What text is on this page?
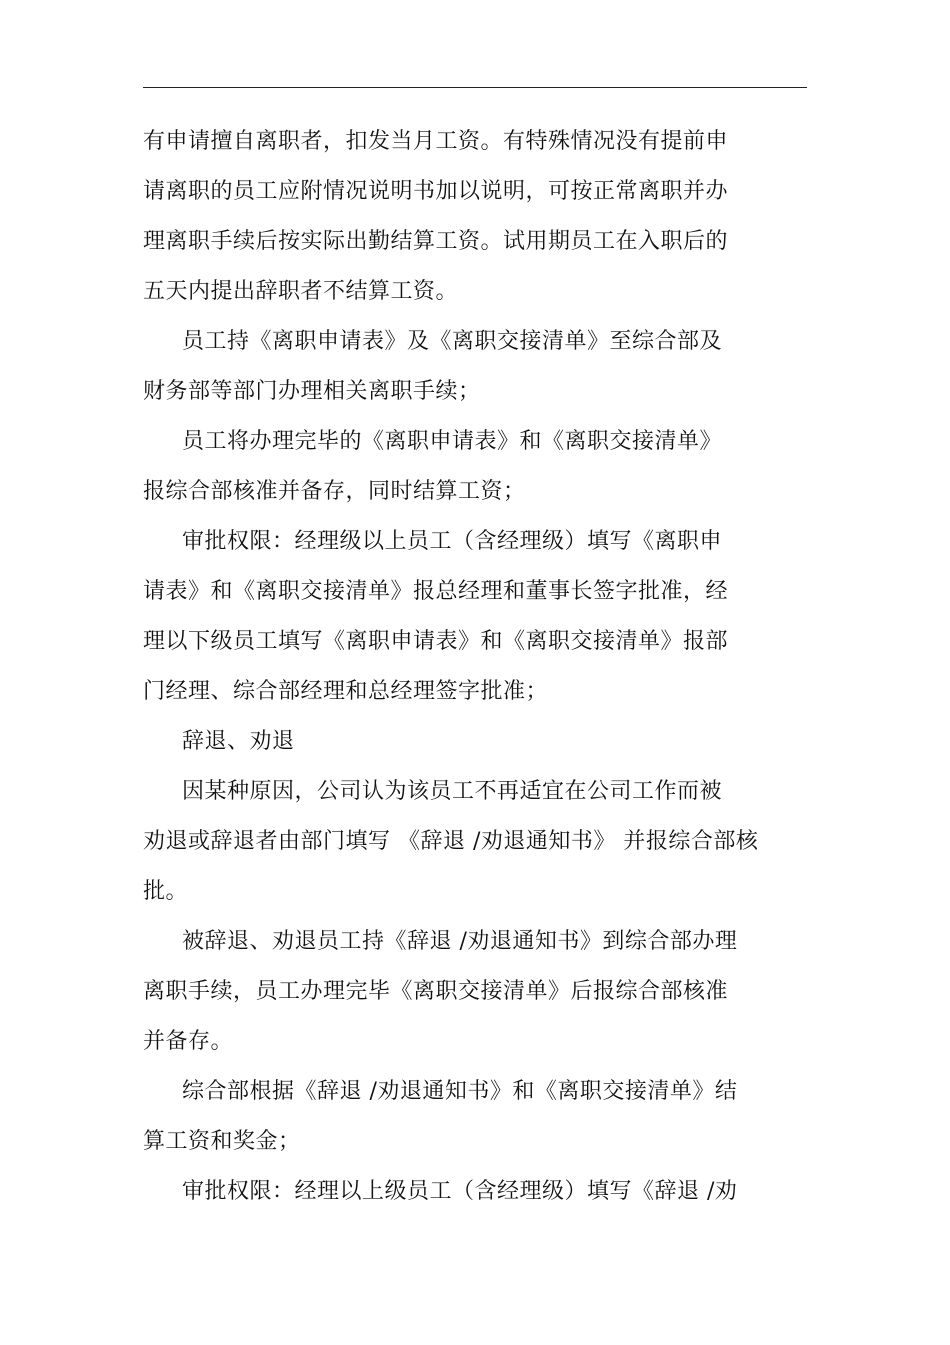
有申请擅自离职者，扣发当月工资。有特殊情况没有提前申
请离职的员工应附情况说明书加以说明，可按正常离职并办
理离职手续后按实际出勤结算工资。试用期员工在入职后的
五天内提出辞职者不结算工资。
员工持《离职申请表》及《离职交接清单》至综合部及
财务部等部门办理相关离职手续；
员工将办理完毕的《离职申请表》和《离职交接清单》
报综合部核准并备存，同时结算工资；
审批权限：经理级以上员工（含经理级）填写《离职申
请表》和《离职交接清单》报总经理和董事长签字批准，经
理以下级员工填写《离职申请表》和《离职交接清单》报部
门经理、综合部经理和总经理签字批准；
辞退、劝退
因某种原因，公司认为该员工不再适宜在公司工作而被
劝退或辞退者由部门填写 《辞退 /劝退通知书》 并报综合部核
批。
被辞退、劝退员工持《辞退 /劝退通知书》到综合部办理
离职手续，员工办理完毕《离职交接清单》后报综合部核准
并备存。
综合部根据《辞退 /劝退通知书》和《离职交接清单》结
算工资和奖金；
审批权限：经理以上级员工（含经理级）填写《辞退 /劝
